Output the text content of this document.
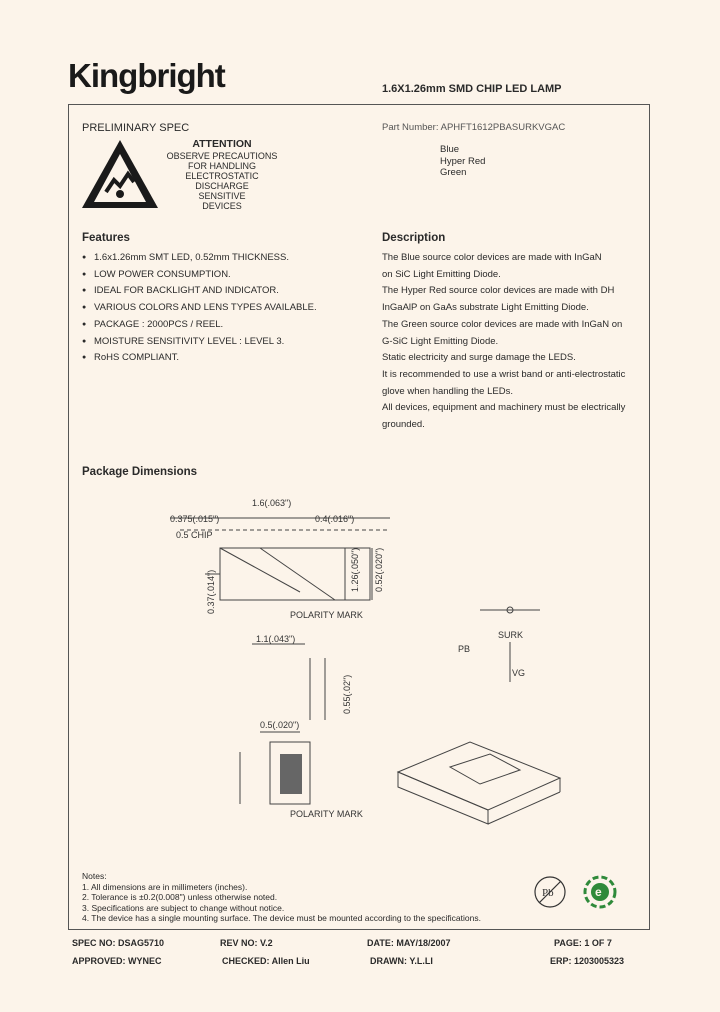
Kingbright	1.6X1.26mm SMD CHIP LED LAMP
PRELIMINARY SPEC
ATTENTION
OBSERVE PRECAUTIONS
FOR HANDLING
ELECTROSTATIC
DISCHARGE
SENSITIVE
DEVICES
Part Number: APHFT1612PBASURKVGAC
Blue
Hyper Red
Green
Features
● 1.6x1.26mm SMT LED, 0.52mm THICKNESS.
● LOW POWER CONSUMPTION.
● IDEAL FOR BACKLIGHT AND INDICATOR.
● VARIOUS COLORS AND LENS TYPES AVAILABLE.
● PACKAGE : 2000PCS / REEL.
● MOISTURE SENSITIVITY LEVEL : LEVEL 3.
● RoHS COMPLIANT.
Description
The Blue source color devices are made with InGaN
on SiC Light Emitting Diode.
The Hyper Red source color devices are made with DH
InGaAlP on GaAs substrate Light Emitting Diode.
The Green source color devices are made with InGaN on
G-SiC Light Emitting Diode.
Static electricity and surge damage the LEDS.
It is recommended to use a wrist band or anti-electrostatic
glove when handling the LEDs.
All devices, equipment and machinery must be electrically
grounded.
Package Dimensions
1.6(.063")
0.375(.015")	0.4(.016")
0.5 CHIP
0.37(.014")	1.26(.050") 0.52(.020")
POLARITY MARK
1.1(.043")
0.55(.02")
0.5(.020")
POLARITY MARK
SURK
PB
VG
Notes:
1. All dimensions are in millimeters (inches).
2. Tolerance is ±0.2(0.008") unless otherwise noted.
3. Specifications are subject to change without notice.
4. The device has a single mounting surface. The device must be mounted according to the specifications.
Pb	e
SPEC NO: DSAG5710	REV NO: V.2	DATE: MAY/18/2007	PAGE: 1 OF 7
APPROVED: WYNEC	CHECKED: Allen Liu	DRAWN: Y.L.LI	ERP: 1203005323
